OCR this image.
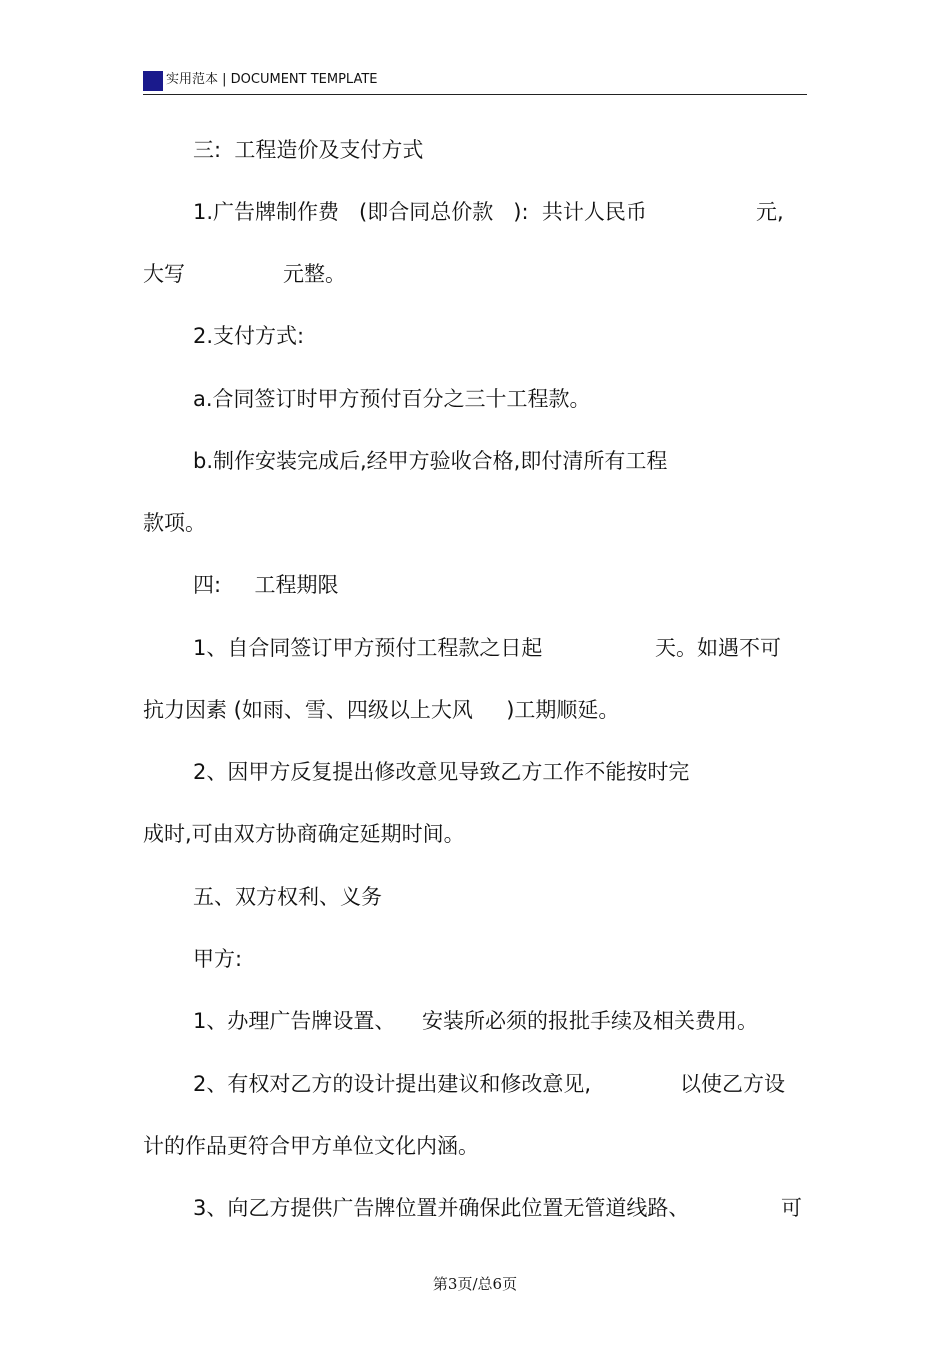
实用范本 | DOCUMENT TEMPLATE
三:  工程造价及支付方式
1.广告牌制作费   (即合同总价款   ):  共计人民币	元,
大写	元整。
2.支付方式:
a.合同签订时甲方预付百分之三十工程款。
b.制作安装完成后,经甲方验收合格,即付清所有工程
款项。
四:     工程期限
1、自合同签订甲方预付工程款之日起	天。如遇不可
抗力因素 (如雨、雪、四级以上大风     )工期顺延。
2、因甲方反复提出修改意见导致乙方工作不能按时完
成时,可由双方协商确定延期时间。
五、双方权利、义务
甲方:
1、办理广告牌设置、    安装所必须的报批手续及相关费用。
2、有权对乙方的设计提出建议和修改意见,	以使乙方设
计的作品更符合甲方单位文化内涵。
3、向乙方提供广告牌位置并确保此位置无管道线路、	可
第3页/总6页
